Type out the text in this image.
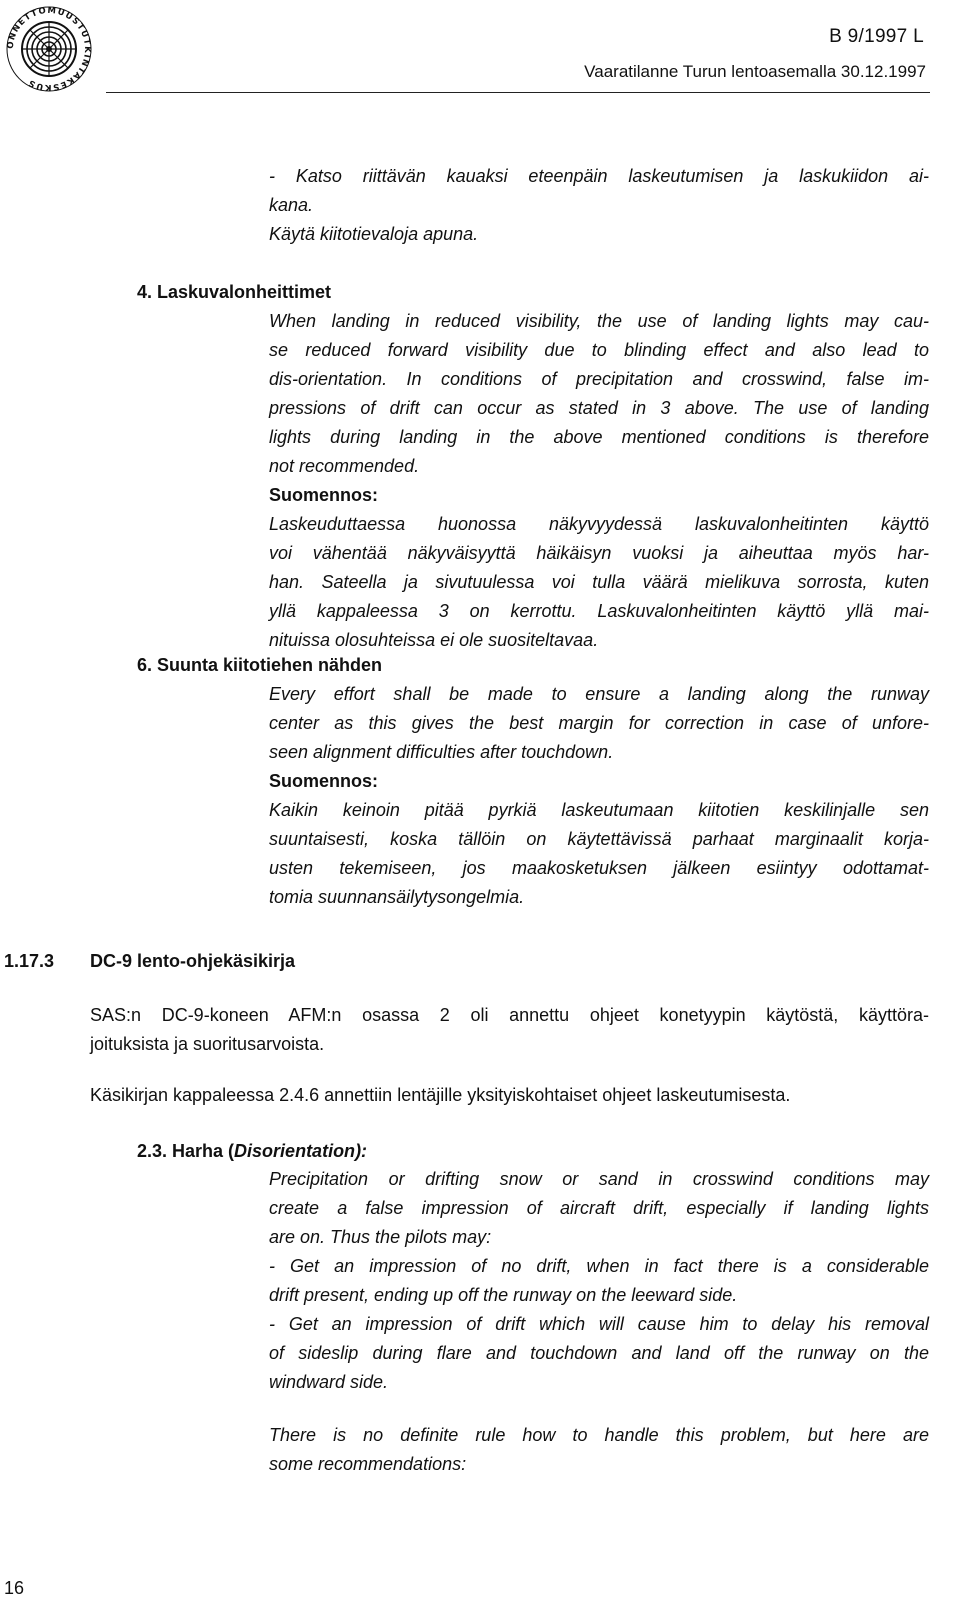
ONNETTOMUUSTUTKINTAKESKUS
B 9/1997 L
Vaaratilanne Turun lentoasemalla 30.12.1997
- Katso riittävän kauaksi eteenpäin laskeutumisen ja laskukiidon ai-
kana.
Käytä kiitotievaloja apuna.
4. Laskuvalonheittimet
When landing in reduced visibility, the use of landing lights may cau-
se reduced forward visibility due to blinding effect and also lead to
dis-orientation. In conditions of precipitation and crosswind, false im-
pressions of drift can occur as stated in 3 above. The use of landing
lights during landing in the above mentioned conditions is therefore
not recommended.
Suomennos:
Laskeuduttaessa huonossa näkyvyydessä laskuvalonheitinten käyttö
voi vähentää näkyväisyyttä häikäisyn vuoksi ja aiheuttaa myös har-
han. Sateella ja sivutuulessa voi tulla väärä mielikuva sorrosta, kuten
yllä kappaleessa 3 on kerrottu. Laskuvalonheitinten käyttö yllä mai-
nituissa olosuhteissa ei ole suositeltavaa.
6. Suunta kiitotiehen nähden
Every effort shall be made to ensure a landing along the runway
center as this gives the best margin for correction in case of unfore-
seen alignment difficulties after touchdown.
Suomennos:
Kaikin keinoin pitää pyrkiä laskeutumaan kiitotien keskilinjalle sen
suuntaisesti, koska tällöin on käytettävissä parhaat marginaalit korja-
usten tekemiseen, jos maakosketuksen jälkeen esiintyy odottamat-
tomia suunnansäilytysongelmia.
1.17.3 DC-9 lento-ohjekäsikirja
SAS:n DC-9-koneen AFM:n osassa 2 oli annettu ohjeet konetyypin käytöstä, käyttöra-
joituksista ja suoritusarvoista.
Käsikirjan kappaleessa 2.4.6 annettiin lentäjille yksityiskohtaiset ohjeet laskeutumisesta.
2.3. Harha (Disorientation):
Precipitation or drifting snow or sand in crosswind conditions may
create a false impression of aircraft drift, especially if landing lights
are on. Thus the pilots may:
- Get an impression of no drift, when in fact there is a considerable
drift present, ending up off the runway on the leeward side.
- Get an impression of drift which will cause him to delay his removal
of sideslip during flare and touchdown and land off the runway on the
windward side.
There is no definite rule how to handle this problem, but here are
some recommendations:
16
